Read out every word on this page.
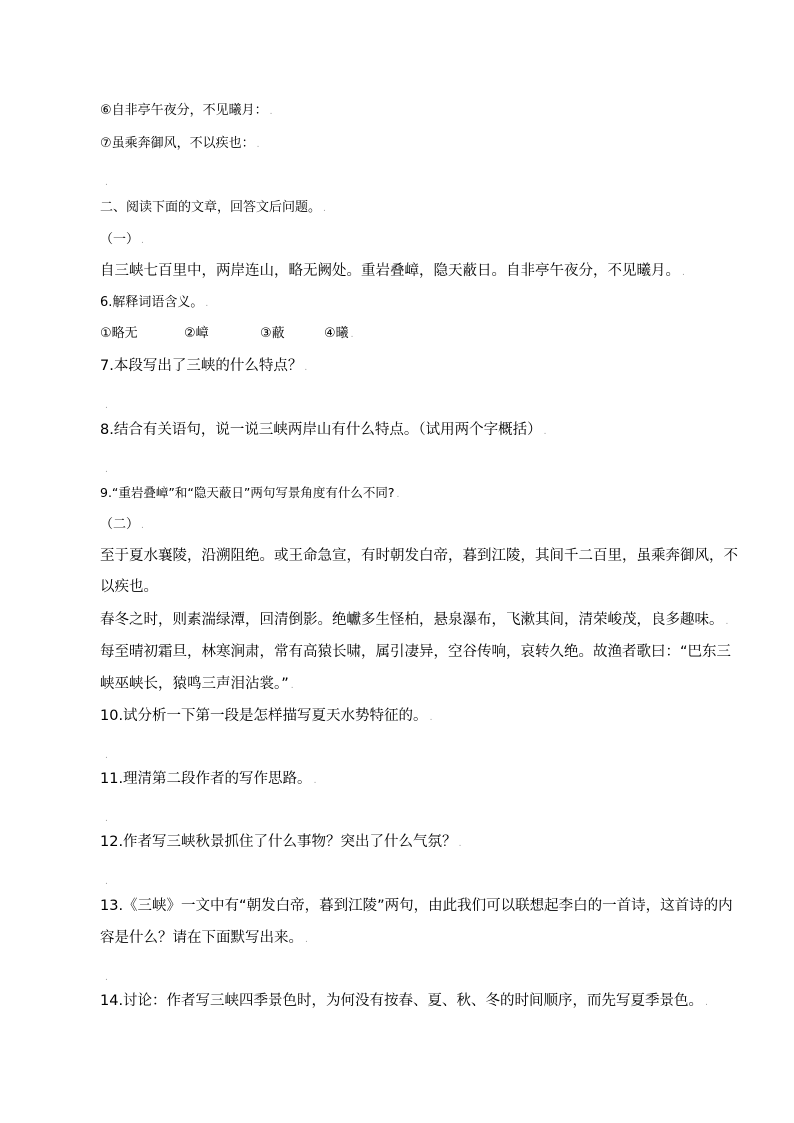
⑥自非亭午夜分，不见曦月： .
⑦虽乘奔御风，不以疾也： .
.
二、阅读下面的文章，回答文后问题。 .
（一） .
自三峡七百里中，两岸连山，略无阙处。重岩叠嶂，隐天蔽日。自非亭午夜分，不见曦月。 .
6.解释词语含义。 .
①略无	②嶂	③蔽	④曦 .
7.本段写出了三峡的什么特点？ .
.
8.结合有关语句，说一说三峡两岸山有什么特点。（试用两个字概括） .
.
9.“重岩叠嶂”和“隐天蔽日”两句写景角度有什么不同? .
（二） .
至于夏水襄陵，沿溯阻绝。或王命急宣，有时朝发白帝，暮到江陵，其间千二百里，虽乘奔御风，不
以疾也。
春冬之时，则素湍绿潭，回清倒影。绝巘多生怪柏，悬泉瀑布，飞漱其间，清荣峻茂，良多趣味。 .
每至晴初霜旦，林寒涧肃，常有高猿长啸，属引凄异，空谷传响，哀转久绝。故渔者歌曰：“巴东三
峡巫峡长，猿鸣三声泪沾裳。” .
10.试分析一下第一段是怎样描写夏天水势特征的。 .
.
11.理清第二段作者的写作思路。 .
.
12.作者写三峡秋景抓住了什么事物？突出了什么气氛？ .
.
13.《三峡》一文中有“朝发白帝，暮到江陵”两句，由此我们可以联想起李白的一首诗，这首诗的内
容是什么？请在下面默写出来。 .
.
14.讨论：作者写三峡四季景色时，为何没有按春、夏、秋、冬的时间顺序，而先写夏季景色。 .
